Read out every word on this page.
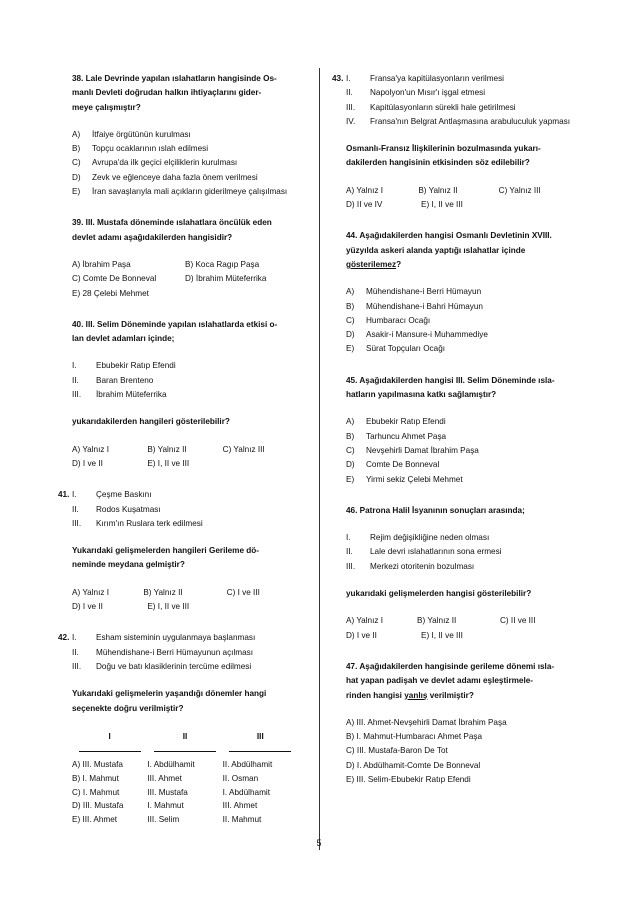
38. Lale Devrinde yapılan ıslahatların hangisinde Os-
manlı Devleti doğrudan halkın ihtiyaçlarını gider-
meye çalışmıştır?
A)	İtfaiye örgütünün kurulması
B)	Topçu ocaklarının ıslah edilmesi
C)	Avrupa'da ilk geçici elçiliklerin kurulması
D)	Zevk ve eğlenceye daha fazla önem verilmesi
E)	İran savaşlarıyla mali açıkların giderilmeye çalışılması
39. III. Mustafa döneminde ıslahatlara öncülük eden
devlet adamı aşağıdakilerden hangisidir?
A) İbrahim Paşa	B) Koca Ragıp Paşa
C) Comte De Bonneval	D) İbrahim Müteferrika
E) 28 Çelebi Mehmet
40. III. Selim Döneminde yapılan ıslahatlarda etkisi o-
lan devlet adamları içinde;
I.	Ebubekir Ratıp Efendi
II.	Baran Brenteno
III.	İbrahim Müteferrika
yukarıdakilerden hangileri gösterilebilir?
A) Yalnız I	B) Yalnız II	C) Yalnız III
D) I ve II	E) I, II ve III
41. I.	Çeşme Baskını
II.	Rodos Kuşatması
III.	Kırım'ın Ruslara terk edilmesi
Yukarıdaki gelişmelerden hangileri Gerileme dö-
neminde meydana gelmiştir?
A) Yalnız I	B) Yalnız II	C) I ve III
D) I ve II	E) I, II ve III
42. I.	Esham sisteminin uygulanmaya başlanması
II.	Mühendishane-i Berri Hümayunun açılması
III.	Doğu ve batı klasiklerinin tercüme edilmesi
Yukarıdaki gelişmelerin yaşandığı dönemler hangi
seçenekte doğru verilmiştir?
I	II	III
A) III. Mustafa	I. Abdülhamit	II. Abdülhamit
B) I. Mahmut	III. Ahmet	II. Osman
C) I. Mahmut	III. Mustafa	I. Abdülhamit
D) III. Mustafa	I. Mahmut	III. Ahmet
E) III. Ahmet	III. Selim	II. Mahmut
43. I.	Fransa'ya kapitülasyonların verilmesi
II.	Napolyon'un Mısır'ı işgal etmesi
III.	Kapitülasyonların sürekli hale getirilmesi
IV.	Fransa'nın Belgrat Antlaşmasına arabuluculuk yapması
Osmanlı-Fransız İlişkilerinin bozulmasında yukarı-
dakilerden hangisinin etkisinden söz edilebilir?
A) Yalnız I	B) Yalnız II	C) Yalnız III
D) II ve IV	E) I, II ve III
44. Aşağıdakilerden hangisi Osmanlı Devletinin XVIII.
yüzyılda askeri alanda yaptığı ıslahatlar içinde
gösterilemez?
A)	Mühendishane-i Berri Hümayun
B)	Mühendishane-i Bahri Hümayun
C)	Humbaracı Ocağı
D)	Asakir-i Mansure-i Muhammediye
E)	Sürat Topçuları Ocağı
45. Aşağıdakilerden hangisi III. Selim Döneminde ısla-
hatların yapılmasına katkı sağlamıştır?
A)	Ebubekir Ratıp Efendi
B)	Tarhuncu Ahmet Paşa
C)	Nevşehirli Damat İbrahim Paşa
D)	Comte De Bonneval
E)	Yirmi sekiz Çelebi Mehmet
46. Patrona Halil İsyanının sonuçları arasında;
I.	Rejim değişikliğine neden olması
II.	Lale devri ıslahatlarının sona ermesi
III.	Merkezi otoritenin bozulması
yukarıdaki gelişmelerden hangisi gösterilebilir?
A) Yalnız I	B) Yalnız II	C) II ve III
D) I ve II	E) I, II ve III
47. Aşağıdakilerden hangisinde gerileme dönemi ısla-
hat yapan padişah ve devlet adamı eşleştirmele-
rinden hangisi yanlış verilmiştir?
A) III. Ahmet-Nevşehirli Damat İbrahim Paşa
B) I. Mahmut-Humbaracı Ahmet Paşa
C) III. Mustafa-Baron De Tot
D) I. Abdülhamit-Comte De Bonneval
E) III. Selim-Ebubekir Ratıp Efendi
5
